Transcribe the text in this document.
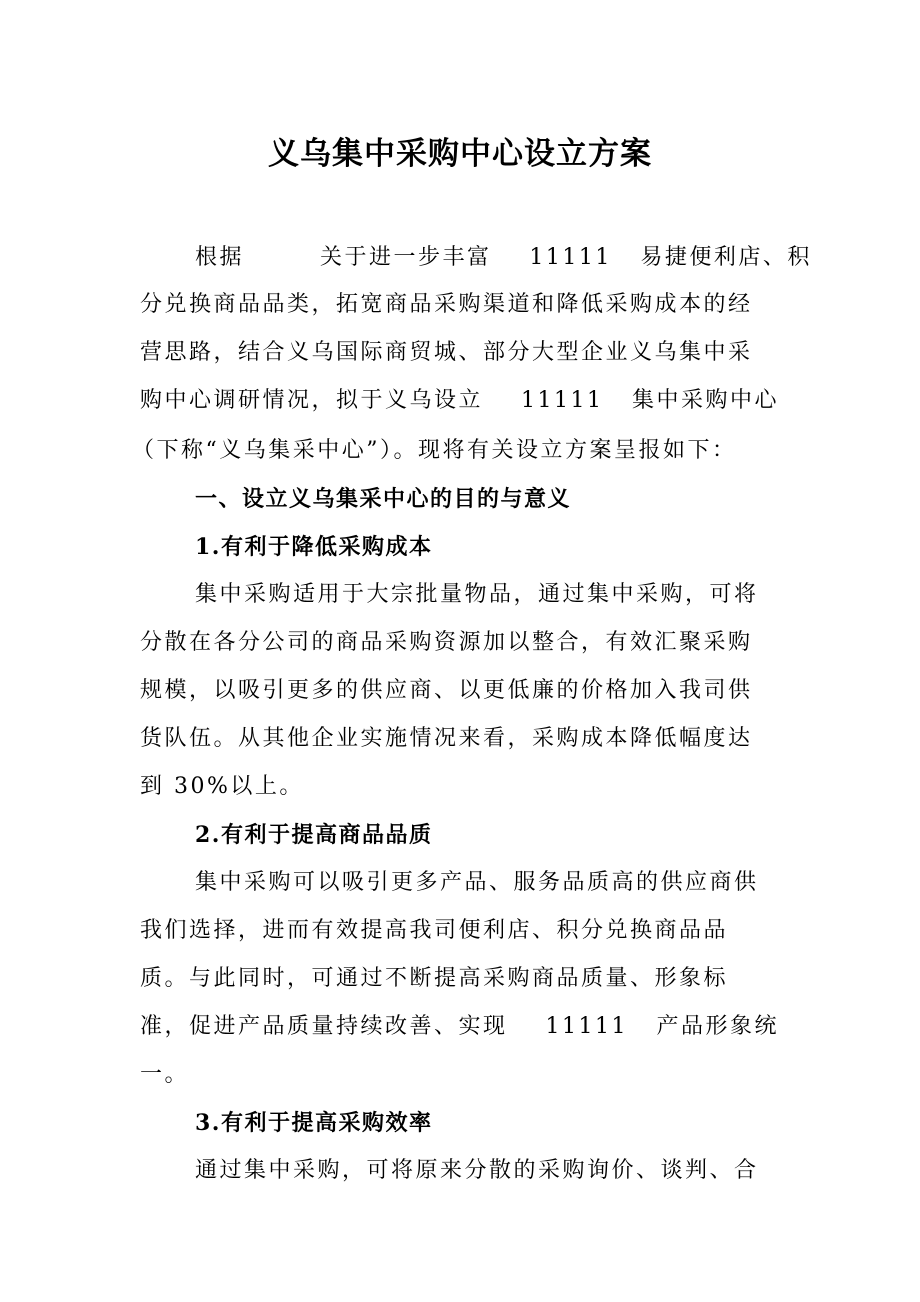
义乌集中采购中心设立方案
根据        关于进一步丰富    11111   易捷便利店、积
分兑换商品品类，拓宽商品采购渠道和降低采购成本的经
营思路，结合义乌国际商贸城、部分大型企业义乌集中采
购中心调研情况，拟于义乌设立    11111   集中采购中心
（下称“义乌集采中心”）。现将有关设立方案呈报如下：
一、设立义乌集采中心的目的与意义
1.有利于降低采购成本
集中采购适用于大宗批量物品，通过集中采购，可将
分散在各分公司的商品采购资源加以整合，有效汇聚采购
规模，以吸引更多的供应商、以更低廉的价格加入我司供
货队伍。从其他企业实施情况来看，采购成本降低幅度达
到 30%以上。
2.有利于提高商品品质
集中采购可以吸引更多产品、服务品质高的供应商供
我们选择，进而有效提高我司便利店、积分兑换商品品
质。与此同时，可通过不断提高采购商品质量、形象标
准，促进产品质量持续改善、实现    11111   产品形象统
一。
3.有利于提高采购效率
通过集中采购，可将原来分散的采购询价、谈判、合
